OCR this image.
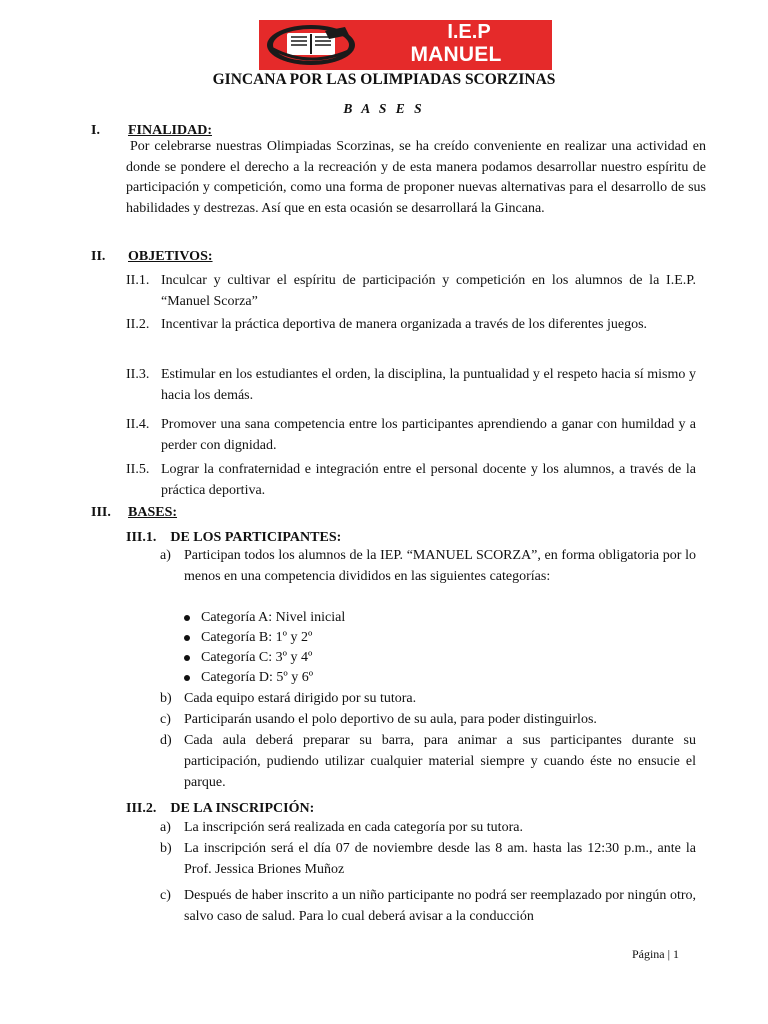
I.E.P
MANUEL
GINCANA POR LAS OLIMPIADAS SCORZINAS
B A S E S
I. FINALIDAD:
Por celebrarse nuestras Olimpiadas Scorzinas, se ha creído conveniente en realizar una actividad en donde se pondere el derecho a la recreación y de esta manera podamos desarrollar nuestro espíritu de participación y competición, como una forma de proponer nuevas alternativas para el desarrollo de sus habilidades y destrezas. Así que en esta ocasión se desarrollará la Gincana.
II. OBJETIVOS:
II.1. Inculcar y cultivar el espíritu de participación y competición en los alumnos de la I.E.P. “Manuel Scorza”
II.2. Incentivar la práctica deportiva de manera organizada a través de los diferentes juegos.
II.3. Estimular en los estudiantes el orden, la disciplina, la puntualidad y el respeto hacia sí mismo y hacia los demás.
II.4. Promover una sana competencia entre los participantes aprendiendo a ganar con humildad y a perder con dignidad.
II.5. Lograr la confraternidad e integración entre el personal docente y los alumnos, a través de la práctica deportiva.
III. BASES:
III.1. DE LOS PARTICIPANTES:
a) Participan todos los alumnos de la IEP. “MANUEL SCORZA”, en forma obligatoria por lo menos en una competencia divididos en las siguientes categorías:
Categoría A: Nivel inicial
Categoría B: 1º y 2º
Categoría C: 3º y 4º
Categoría D: 5º y 6º
b) Cada equipo estará dirigido por su tutora.
c) Participarán usando el polo deportivo de su aula, para poder distinguirlos.
d) Cada aula deberá preparar su barra, para animar a sus participantes durante su participación, pudiendo utilizar cualquier material siempre y cuando éste no ensucie el parque.
III.2. DE LA INSCRIPCIÓN:
a) La inscripción será realizada en cada categoría por su tutora.
b) La inscripción será el día 07 de noviembre desde las 8 am. hasta las 12:30 p.m., ante la Prof. Jessica Briones Muñoz
c) Después de haber inscrito a un niño participante no podrá ser reemplazado por ningún otro, salvo caso de salud. Para lo cual deberá avisar a la conducción
Página | 1
